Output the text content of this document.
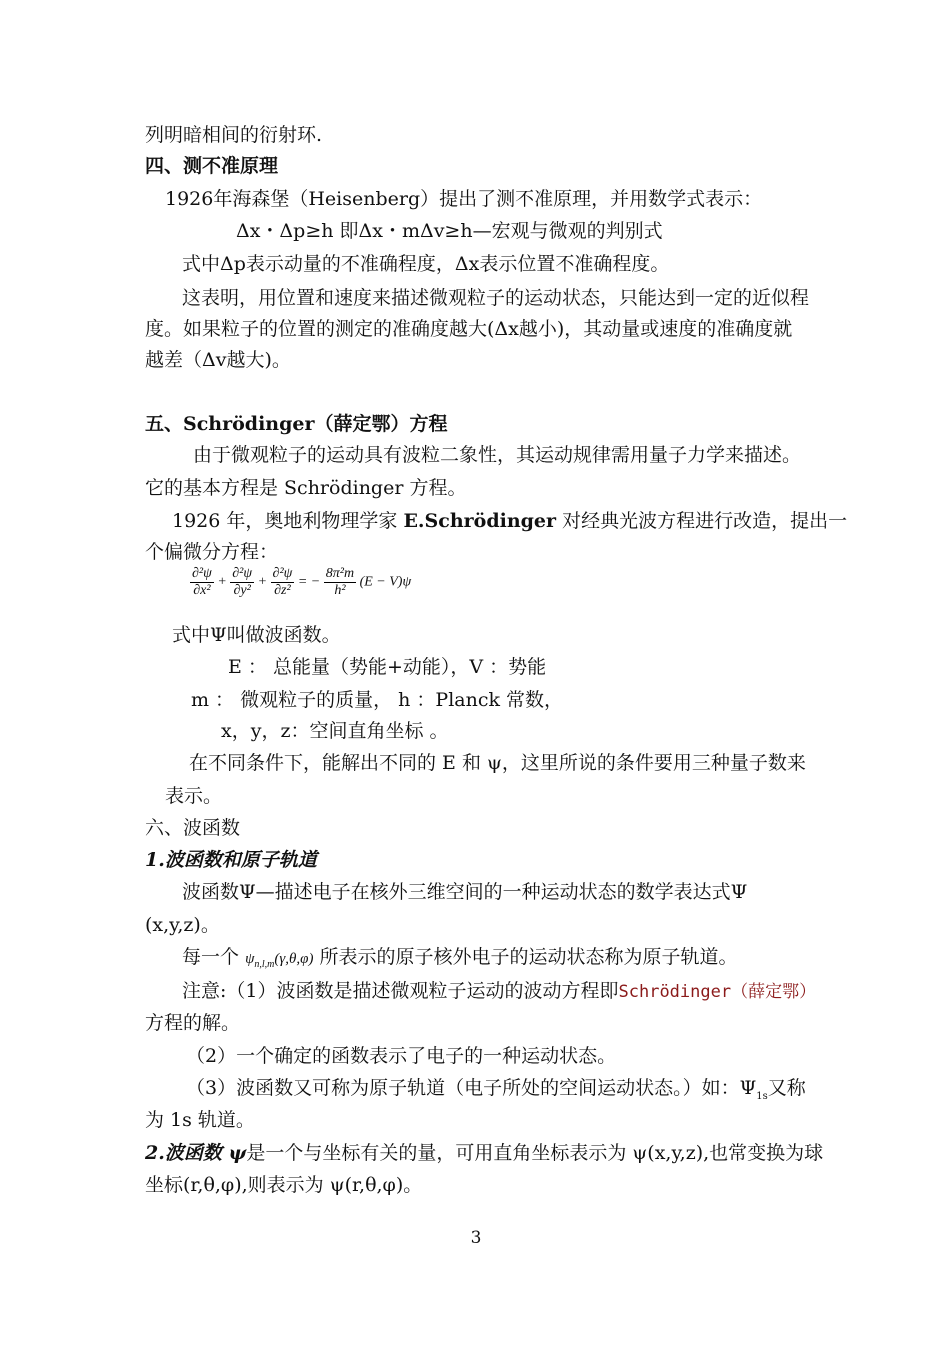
列明暗相间的衍射环.
四、测不准原理
1926年海森堡（Heisenberg）提出了测不准原理，并用数学式表示：
Δx・Δp≥h 即Δx・mΔv≥h—宏观与微观的判别式
式中Δp表示动量的不准确程度，Δx表示位置不准确程度。
这表明，用位置和速度来描述微观粒子的运动状态，只能达到一定的近似程
度。如果粒子的位置的测定的准确度越大(Δx越小)，其动量或速度的准确度就
越差（Δv越大)。
五、Schrödinger（薛定鄂）方程
由于微观粒子的运动具有波粒二象性，其运动规律需用量子力学来描述。
它的基本方程是 Schrödinger 方程。
1926 年，奥地利物理学家 E.Schrödinger 对经典光波方程进行改造，提出一
个偏微分方程：
$\frac{\text{∂²ψ}}{\text{∂x²}} + \frac{\text{∂²ψ}}{\text{∂y²}} + \frac{\text{∂²ψ}}{\text{∂z²}}$ = − $\frac{\text{8π²m}}{\text{h²}} (E - V)\psi$
式中Ψ叫做波函数。
E ： 总能量（势能+动能），V ：势能
m ： 微观粒子的质量， h ：Planck 常数，
x，y，z：空间直角坐标 。
在不同条件下，能解出不同的 E 和 ψ，这里所说的条件要用三种量子数来
表示。
六、波函数
1.波函数和原子轨道
波函数Ψ—描述电子在核外三维空间的一种运动状态的数学表达式Ψ
(x,y,z)。
每一个 $\psi_{n,l,m}(\gamma,\theta,\varphi)$ 所表示的原子核外电子的运动状态称为原子轨道。
注意:（1）波函数是描述微观粒子运动的波动方程即Schrödinger（薛定鄂）
方程的解。
（2）一个确定的函数表示了电子的一种运动状态。
（3）波函数又可称为原子轨道（电子所处的空间运动状态。）如：$\Psi_{1s}$又称
为 1s 轨道。
2.波函数 ψ是一个与坐标有关的量，可用直角坐标表示为 ψ(x,y,z),也常变换为球
坐标(r,θ,φ),则表示为 ψ(r,θ,φ)。
3
